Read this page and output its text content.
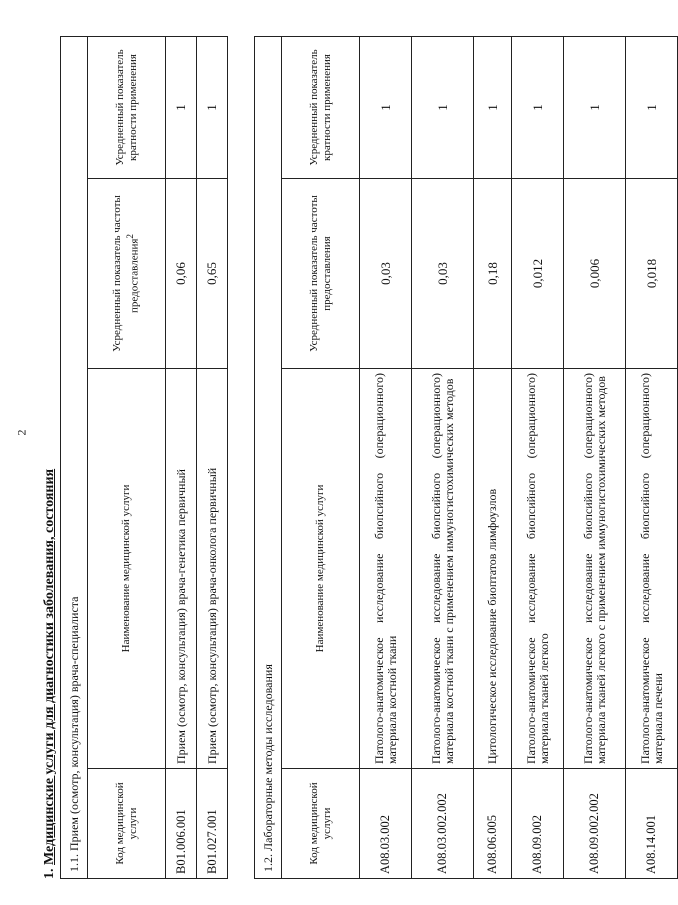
2
1. Медицинские услуги для диагностики заболевания, состояния 1.1. Прием (осмотр, консультация) врача-специалиста			
Код медицинской услуги	Наименование медицинской услуги	Усредненный показатель частоты предоставления$^2$	Усредненный показатель кратности применения
B01.006.001	Прием (осмотр, консультация) врача-генетика первичный	0,06	1
B01.027.001	Прием (осмотр, консультация) врача-онколога первичный	0,65	1
1.2. Лабораторные методы исследования			
Код медицинской услуги	Наименование медицинской услуги	Усредненный показатель частоты предоставления	Усредненный показатель кратности применения
A08.03.002	Патолого-анатомическое исследование биопсийного (операционного) материала костной ткани	0,03	1
A08.03.002.002	Патолого-анатомическое исследование биопсийного (операционного) материала костной ткани с применением иммуногистохимических методов	0,03	1
A08.06.005	Цитологическое исследование биоптатов лимфоузлов	0,18	1
A08.09.002	Патолого-анатомическое исследование биопсийного (операционного) материала тканей легкого	0,012	1
A08.09.002.002	Патолого-анатомическое исследование биопсийного (операционного) материала тканей легкого с применением иммуногистохимических методов	0,006	1
A08.14.001	Патолого-анатомическое исследование биопсийного (операционного) материала печени	0,018	1
